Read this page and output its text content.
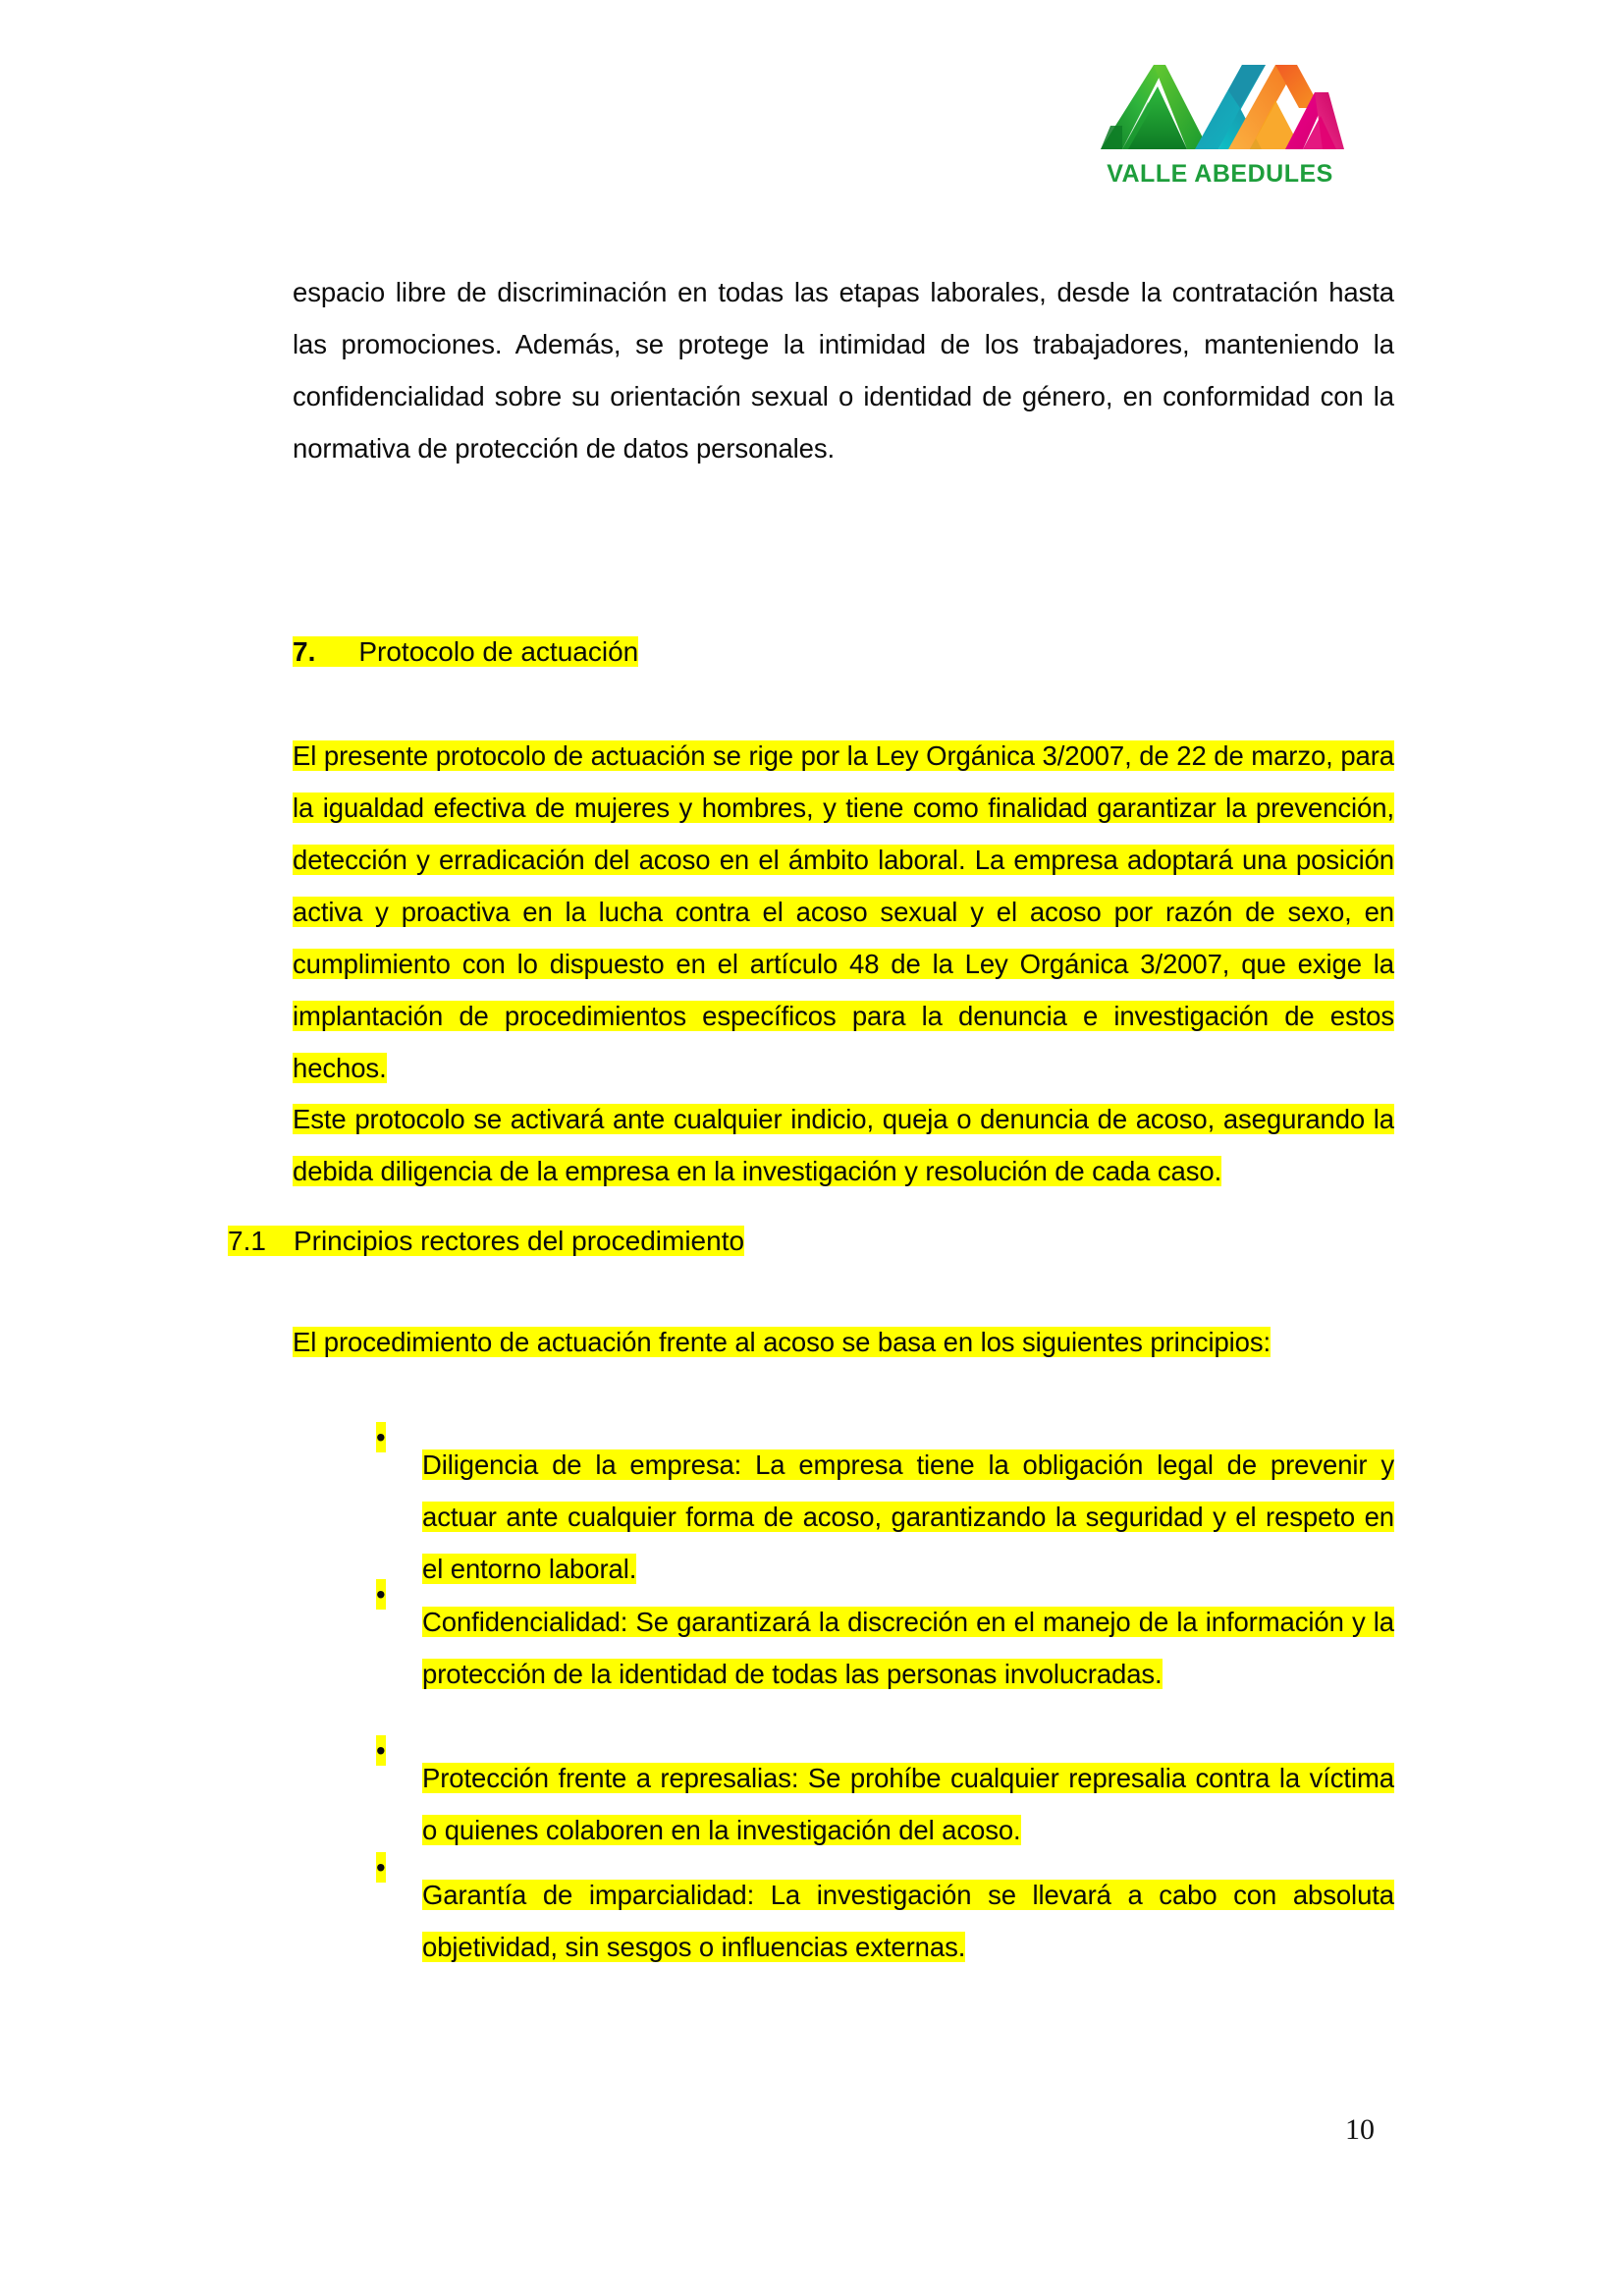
VALLE ABEDULES

espacio libre de discriminación en todas las etapas laborales, desde la contratación hasta las promociones. Además, se protege la intimidad de los trabajadores, manteniendo la confidencialidad sobre su orientación sexual o identidad de género, en conformidad con la normativa de protección de datos personales.

7. Protocolo de actuación

El presente protocolo de actuación se rige por la Ley Orgánica 3/2007, de 22 de marzo, para la igualdad efectiva de mujeres y hombres, y tiene como finalidad garantizar la prevención, detección y erradicación del acoso en el ámbito laboral. La empresa adoptará una posición activa y proactiva en la lucha contra el acoso sexual y el acoso por razón de sexo, en cumplimiento con lo dispuesto en el artículo 48 de la Ley Orgánica 3/2007, que exige la implantación de procedimientos específicos para la denuncia e investigación de estos hechos.

Este protocolo se activará ante cualquier indicio, queja o denuncia de acoso, asegurando la debida diligencia de la empresa en la investigación y resolución de cada caso.

7.1 Principios rectores del procedimiento

El procedimiento de actuación frente al acoso se basa en los siguientes principios:

•

Diligencia de la empresa: La empresa tiene la obligación legal de prevenir y actuar ante cualquier forma de acoso, garantizando la seguridad y el respeto en el entorno laboral.

•

Confidencialidad: Se garantizará la discreción en el manejo de la información y la protección de la identidad de todas las personas involucradas.

•

Protección frente a represalias: Se prohíbe cualquier represalia contra la víctima o quienes colaboren en la investigación del acoso.

•

Garantía de imparcialidad: La investigación se llevará a cabo con absoluta objetividad, sin sesgos o influencias externas.

10
